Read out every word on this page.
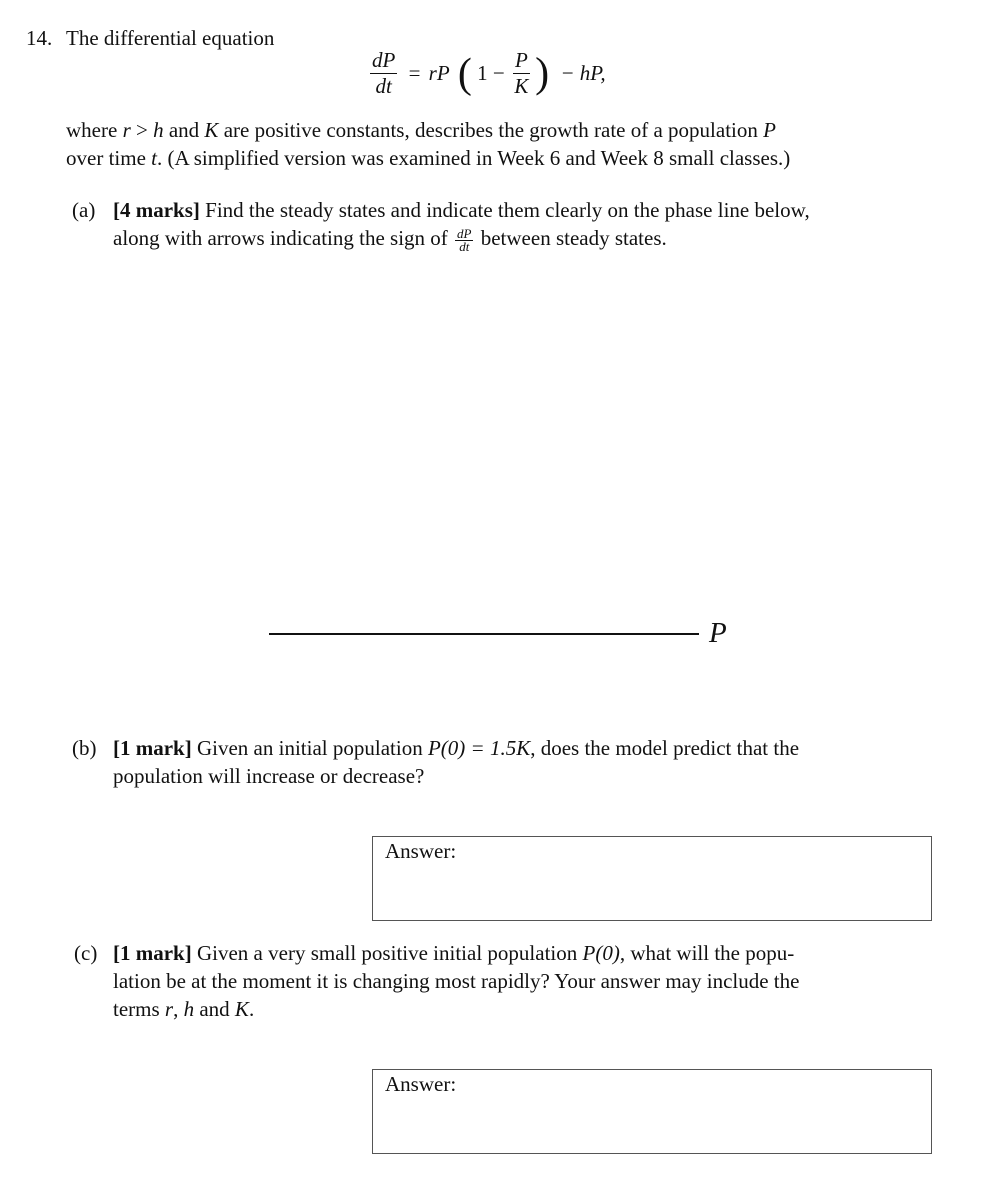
14. The differential equation
$\frac{dP}{dt}$ = rP ( $1 - \frac{P}{K}$ ) − hP,
where r > h and K are positive constants, describes the growth rate of a population P
over time t. (A simplified version was examined in Week 6 and Week 8 small classes.)
(a) [4 marks] Find the steady states and indicate them clearly on the phase line below,
along with arrows indicating the sign of $\frac{dP}{dt}$ between steady states.
P
(b) [1 mark] Given an initial population P(0) = 1.5K, does the model predict that the
population will increase or decrease?
Answer:
(c) [1 mark] Given a very small positive initial population P(0), what will the popu-
lation be at the moment it is changing most rapidly? Your answer may include the
terms r, h and K.
Answer:
